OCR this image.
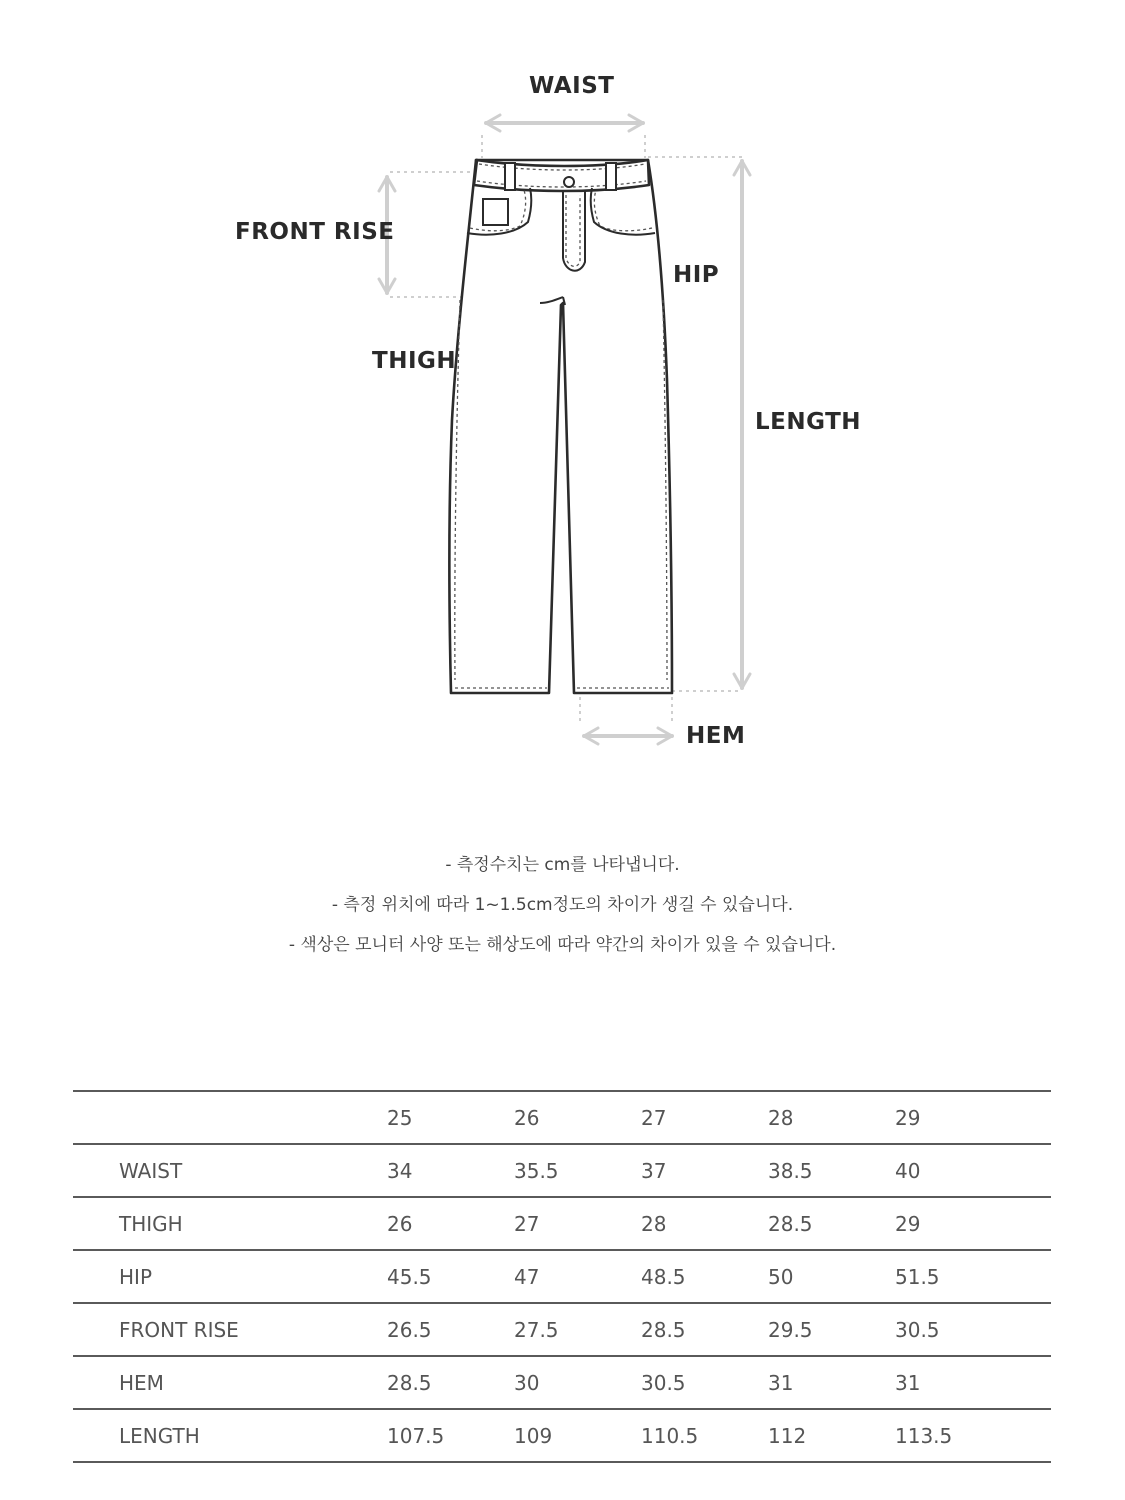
WAIST
FRONT RISE
HIP
THIGH
LENGTH
HEM
- 측정수치는 cm를 나타냅니다.
- 측정 위치에 따라 1~1.5cm정도의 차이가 생길 수 있습니다.
- 색상은 모니터 사양 또는 해상도에 따라 약간의 차이가 있을 수 있습니다.
	25	26	27	28	29
WAIST	34	35.5	37	38.5	40
THIGH	26	27	28	28.5	29
HIP	45.5	47	48.5	50	51.5
FRONT RISE	26.5	27.5	28.5	29.5	30.5
HEM	28.5	30	30.5	31	31
LENGTH	107.5	109	110.5	112	113.5
